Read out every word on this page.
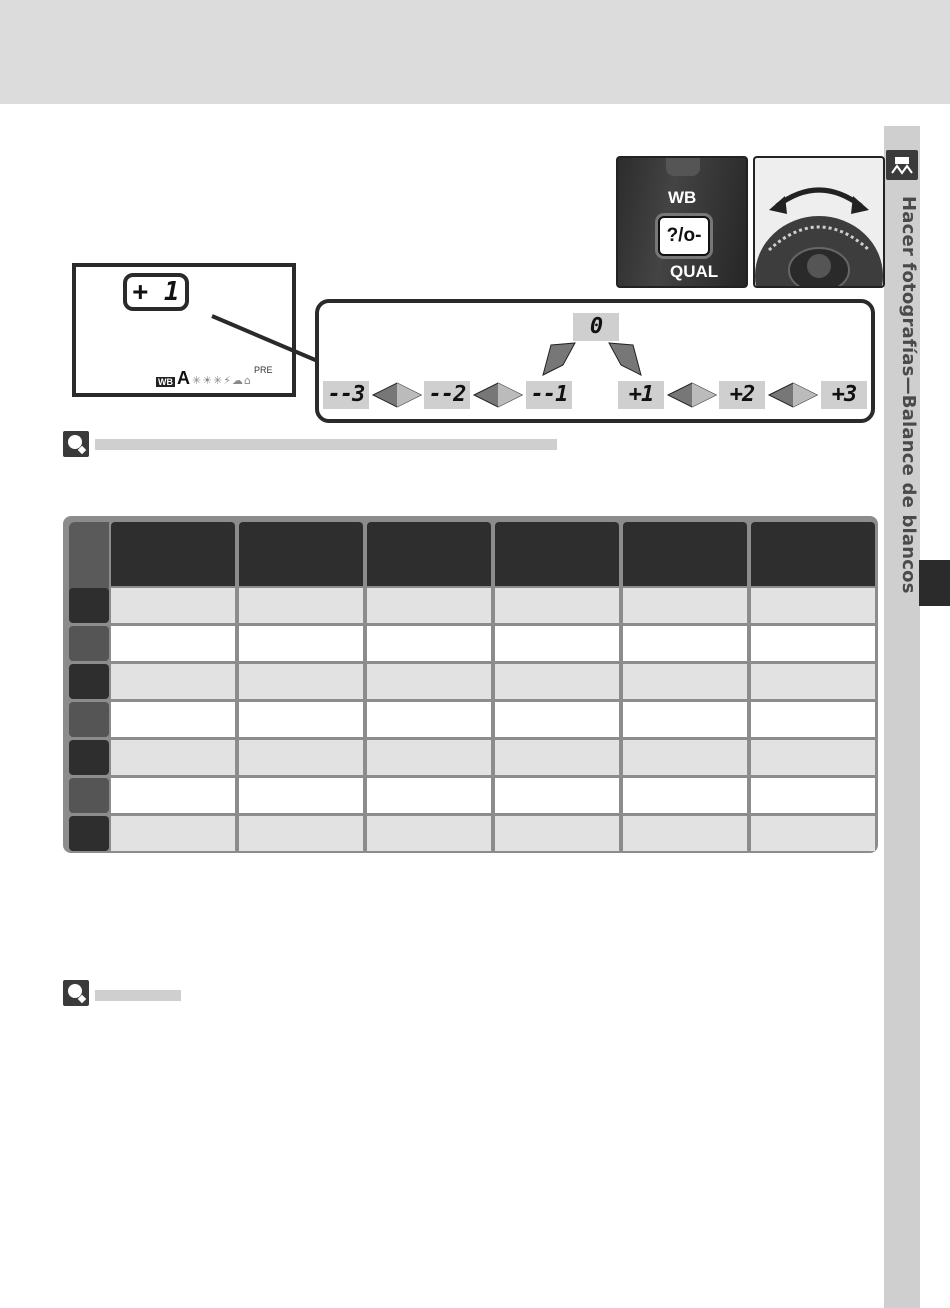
Hacer fotografías—Balance de blancos
WB
?/o-
QUAL
+ 1
WB A ✳☀✳⚡☁⌂
PRE
0
--3	--2	--1	+1	+2	+3
